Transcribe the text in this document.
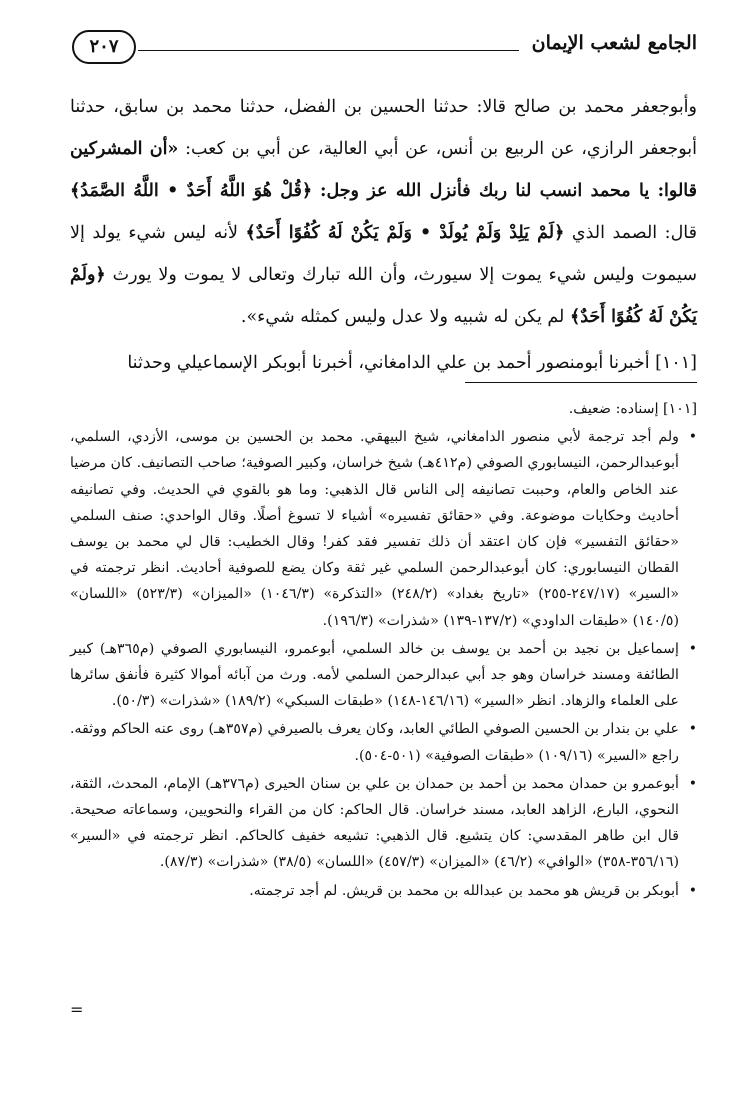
الجامع لشعب الإيمان
٢٠٧

وأبوجعفر محمد بن صالح قالا: حدثنا الحسين بن الفضل، حدثنا محمد بن سابق، حدثنا أبوجعفر الرازي، عن الربيع بن أنس، عن أبي العالية، عن أبي بن كعب: «أن المشركين قالوا: يا محمد انسب لنا ربك فأنزل الله عز وجل: ﴿قُلْ هُوَ اللَّهُ أَحَدٌ • اللَّهُ الصَّمَدُ﴾ قال: الصمد الذي ﴿لَمْ يَلِدْ وَلَمْ يُولَدْ • وَلَمْ يَكُنْ لَهُ كُفُوًا أَحَدٌ﴾ لأنه ليس شيء يولد إلا سيموت وليس شيء يموت إلا سيورث، وأن الله تبارك وتعالى لا يموت ولا يورث ﴿ولَمْ يَكُنْ لَهُ كُفُوًا أَحَدٌ﴾ لم يكن له شبيه ولا عدل وليس كمثله شيء».

[١٠١] أخبرنا أبومنصور أحمد بن علي الدامغاني، أخبرنا أبوبكر الإسماعيلي وحدثنا

[١٠١] إسناده: ضعيف.

•
ولم أجد ترجمة لأبي منصور الدامغاني، شيخ البيهقي. محمد بن الحسين بن موسى، الأزدي، السلمي، أبوعبدالرحمن، النيسابوري الصوفي (م٤١٢هـ) شيخ خراسان، وكبير الصوفية؛ صاحب التصانيف. كان مرضيا عند الخاص والعام، وحببت تصانيفه إلى الناس قال الذهبي: وما هو بالقوي في الحديث. وفي تصانيفه أحاديث وحكايات موضوعة. وفي «حقائق تفسيره» أشياء لا تسوغ أصلًا. وقال الواحدي: صنف السلمي «حقائق التفسير» فإن كان اعتقد أن ذلك تفسير فقد كفر! وقال الخطيب: قال لي محمد بن يوسف القطان النيسابوري: كان أبوعبدالرحمن السلمي غير ثقة وكان يضع للصوفية أحاديث. انظر ترجمته في «السير» (٢٤٧/١٧-٢٥٥) «تاريخ بغداد» (٢٤٨/٢) «التذكرة» (١٠٤٦/٣) «الميزان» (٥٢٣/٣) «اللسان» (١٤٠/٥) «طبقات الداودي» (١٣٧/٢-١٣٩) «شذرات» (١٩٦/٣).
•
إسماعيل بن نجيد بن أحمد بن يوسف بن خالد السلمي، أبوعمرو، النيسابوري الصوفي (م٣٦٥هـ) كبير الطائفة ومسند خراسان وهو جد أبي عبدالرحمن السلمي لأمه. ورث من آبائه أموالا كثيرة فأنفق سائرها على العلماء والزهاد. انظر «السير» (١٤٦/١٦-١٤٨) «طبقات السبكي» (١٨٩/٢) «شذرات» (٥٠/٣).
•
علي بن بندار بن الحسين الصوفي الطائي العابد، وكان يعرف بالصيرفي (م٣٥٧هـ) روى عنه الحاكم ووثقه. راجع «السير» (١٠٩/١٦) «طبقات الصوفية» (٥٠١-٥٠٤).
•
أبوعمرو بن حمدان محمد بن أحمد بن حمدان بن علي بن سنان الحيرى (م٣٧٦هـ) الإمام، المحدث، الثقة، النحوي، البارع، الزاهد العابد، مسند خراسان. قال الحاكم: كان من القراء والنحويين، وسماعاته صحيحة. قال ابن طاهر المقدسي: كان يتشيع. قال الذهبي: تشيعه خفيف كالحاكم. انظر ترجمته في «السير» (٣٥٦/١٦-٣٥٨) «الوافي» (٤٦/٢) «الميزان» (٤٥٧/٣) «اللسان» (٣٨/٥) «شذرات» (٨٧/٣).
•
أبوبكر بن قريش هو محمد بن عبدالله بن محمد بن قريش. لم أجد ترجمته.
=
